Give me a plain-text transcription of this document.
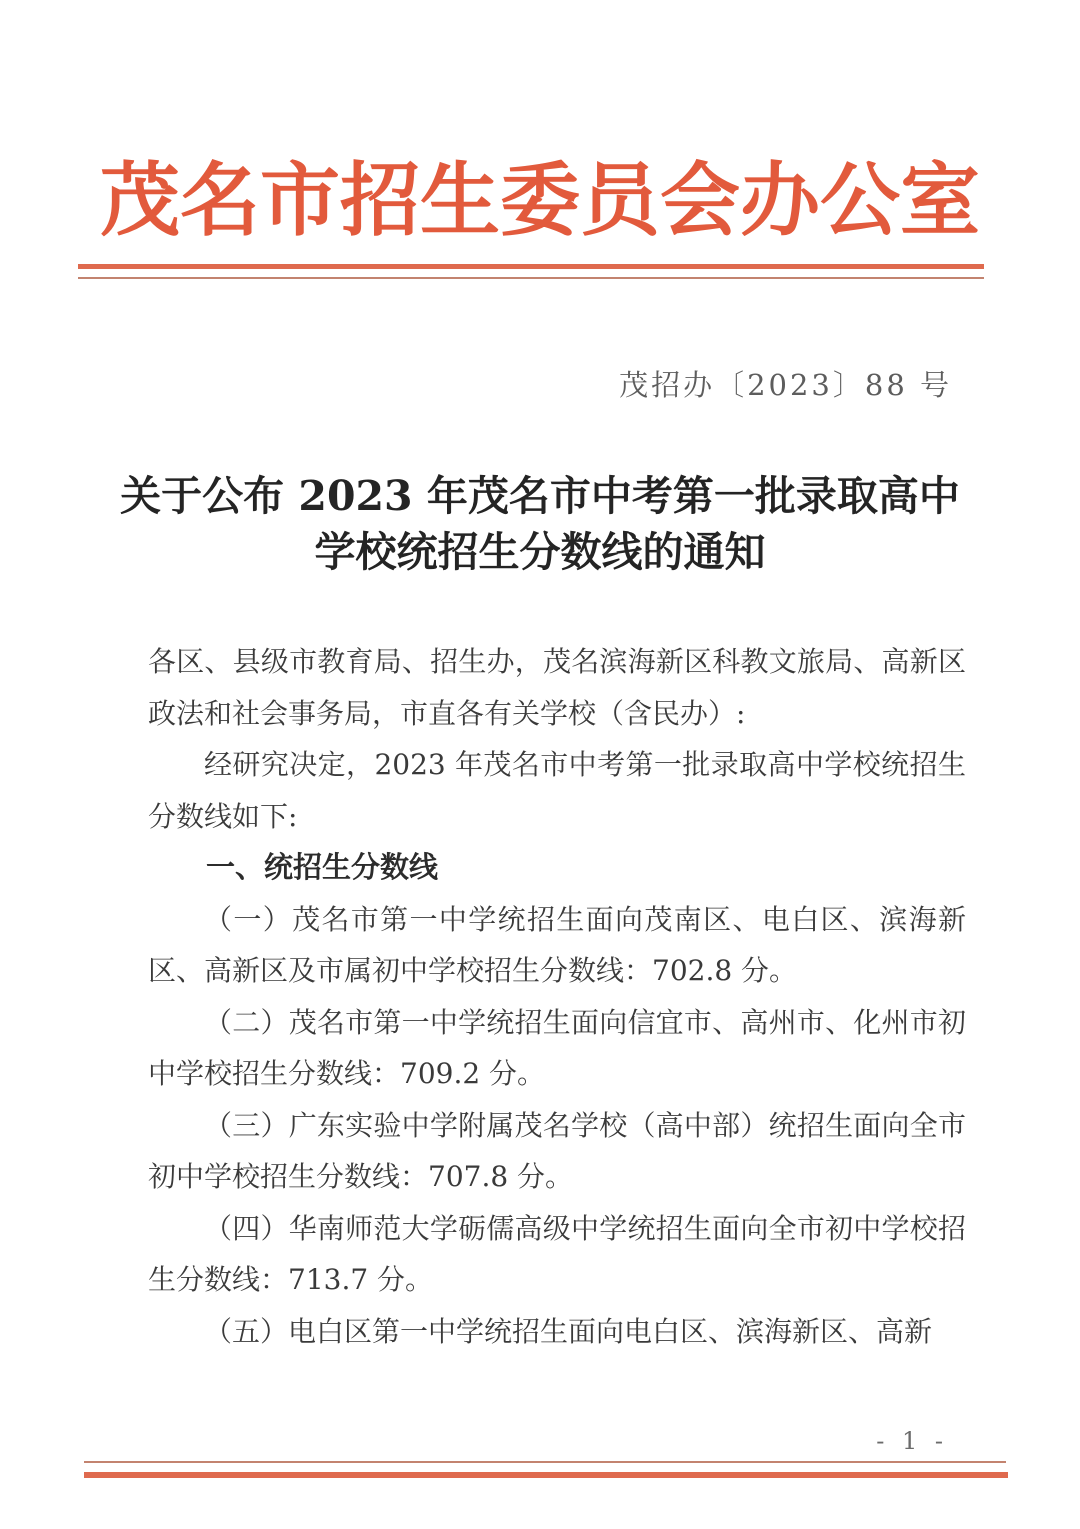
茂名市招生委员会办公室
茂招办〔2023〕88 号
关于公布 2023 年茂名市中考第一批录取高中
学校统招生分数线的通知

各区、县级市教育局、招生办，茂名滨海新区科教文旅局、高新区政法和社会事务局，市直各有关学校（含民办）:

经研究决定，2023 年茂名市中考第一批录取高中学校统招生分数线如下:

一、统招生分数线

（一）茂名市第一中学统招生面向茂南区、电白区、滨海新区、高新区及市属初中学校招生分数线：702.8 分。

（二）茂名市第一中学统招生面向信宜市、高州市、化州市初中学校招生分数线：709.2 分。

（三）广东实验中学附属茂名学校（高中部）统招生面向全市初中学校招生分数线：707.8 分。

（四）华南师范大学砺儒高级中学统招生面向全市初中学校招生分数线：713.7 分。

（五）电白区第一中学统招生面向电白区、滨海新区、高新

- 1 -
